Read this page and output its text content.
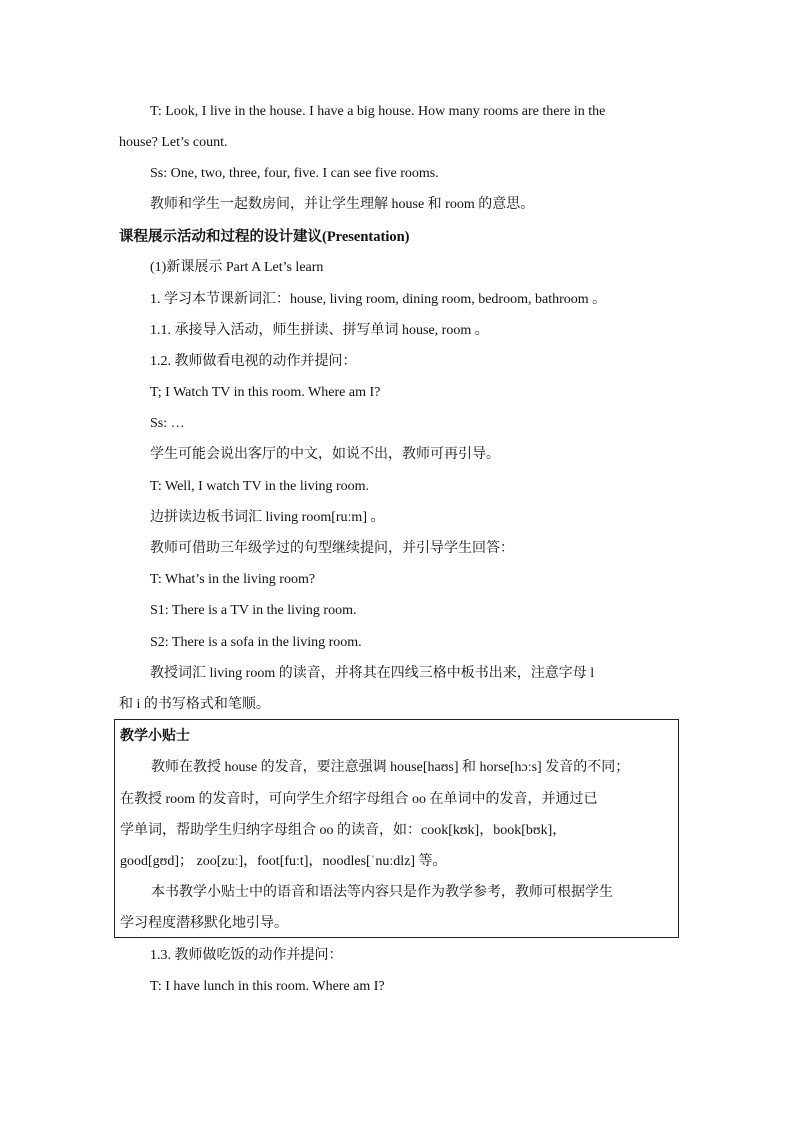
T: Look, I live in the house. I have a big house. How many rooms are there in the
house? Let’s count.
Ss: One, two, three, four, five. I can see five rooms.
教师和学生一起数房间，并让学生理解 house 和 room 的意思。
课程展示活动和过程的设计建议(Presentation)
(1)新课展示 Part A Let’s learn
1. 学习本节课新词汇：house, living room, dining room, bedroom, bathroom 。
1.1. 承接导入活动，师生拼读、拼写单词 house, room 。
1.2. 教师做看电视的动作并提问：
T; I Watch TV in this room. Where am I?
Ss: …
学生可能会说出客厅的中文，如说不出，教师可再引导。
T: Well, I watch TV in the living room.
边拼读边板书词汇 living room[ruːm] 。
教师可借助三年级学过的句型继续提问，并引导学生回答：
T: What’s in the living room?
S1: There is a TV in the living room.
S2: There is a sofa in the living room.
教授词汇 living room 的读音，并将其在四线三格中板书出来，注意字母 l
和 i 的书写格式和笔顺。
教学小贴士
教师在教授 house 的发音，要注意强调 house[haʊs] 和 horse[hɔːs] 发音的不同；
在教授 room 的发音时，可向学生介绍字母组合 oo 在单词中的发音，并通过已
学单词，帮助学生归纳字母组合 oo 的读音，如：cook[kʊk]，book[bʊk]，
good[gʊd]； zoo[zuː]，foot[fuːt]，noodles[ˈnuːdlz] 等。
本书教学小贴士中的语音和语法等内容只是作为教学参考，教师可根据学生
学习程度潜移默化地引导。
1.3. 教师做吃饭的动作并提问：
T: I have lunch in this room. Where am I?
